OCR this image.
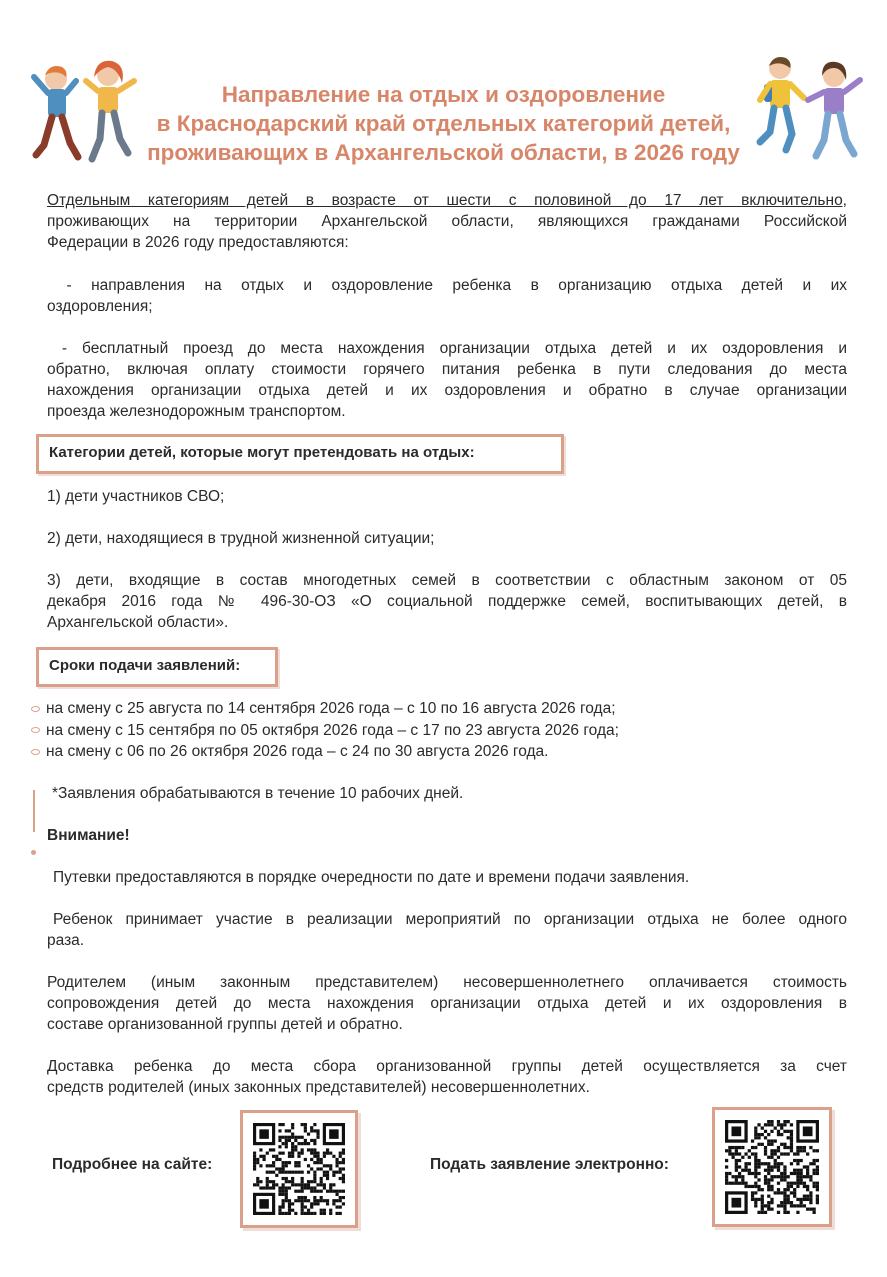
Направление на отдых и оздоровление
в Краснодарский край отдельных категорий детей,
проживающих в Архангельской области, в 2026 году
Отдельным категориям детей в возрасте от шести с половиной до 17 лет включительно,
проживающих на территории Архангельской области, являющихся гражданами Российской
Федерации в 2026 году предоставляются:
- направления на отдых и оздоровление ребенка в организацию отдыха детей и их
оздоровления;
- бесплатный проезд до места нахождения организации отдыха детей и их оздоровления и
обратно, включая оплату стоимости горячего питания ребенка в пути следования до места
нахождения организации отдыха детей и их оздоровления и обратно в случае организации
проезда железнодорожным транспортом.
Категории детей, которые могут претендовать на отдых:
1) дети участников СВО;
2) дети, находящиеся в трудной жизненной ситуации;
3) дети, входящие в состав многодетных семей в соответствии с областным законом от 05
декабря 2016 года № 496-30-ОЗ «О социальной поддержке семей, воспитывающих детей, в
Архангельской области».
Сроки подачи заявлений:
на смену с 25 августа по 14 сентября 2026 года – с 10 по 16 августа 2026 года;
на смену с 15 сентября по 05 октября 2026 года – с 17 по 23 августа 2026 года;
на смену с 06 по 26 октября 2026 года – с 24 по 30 августа 2026 года.
*Заявления обрабатываются в течение 10 рабочих дней.
Внимание!
Путевки предоставляются в порядке очередности по дате и времени подачи заявления.
Ребенок принимает участие в реализации мероприятий по организации отдыха не более одного
раза.
Родителем (иным законным представителем) несовершеннолетнего оплачивается стоимость
сопровождения детей до места нахождения организации отдыха детей и их оздоровления в
составе организованной группы детей и обратно.
Доставка ребенка до места сбора организованной группы детей осуществляется за счет
средств родителей (иных законных представителей) несовершеннолетних.
Подробнее на сайте:	Подать заявление электронно:
